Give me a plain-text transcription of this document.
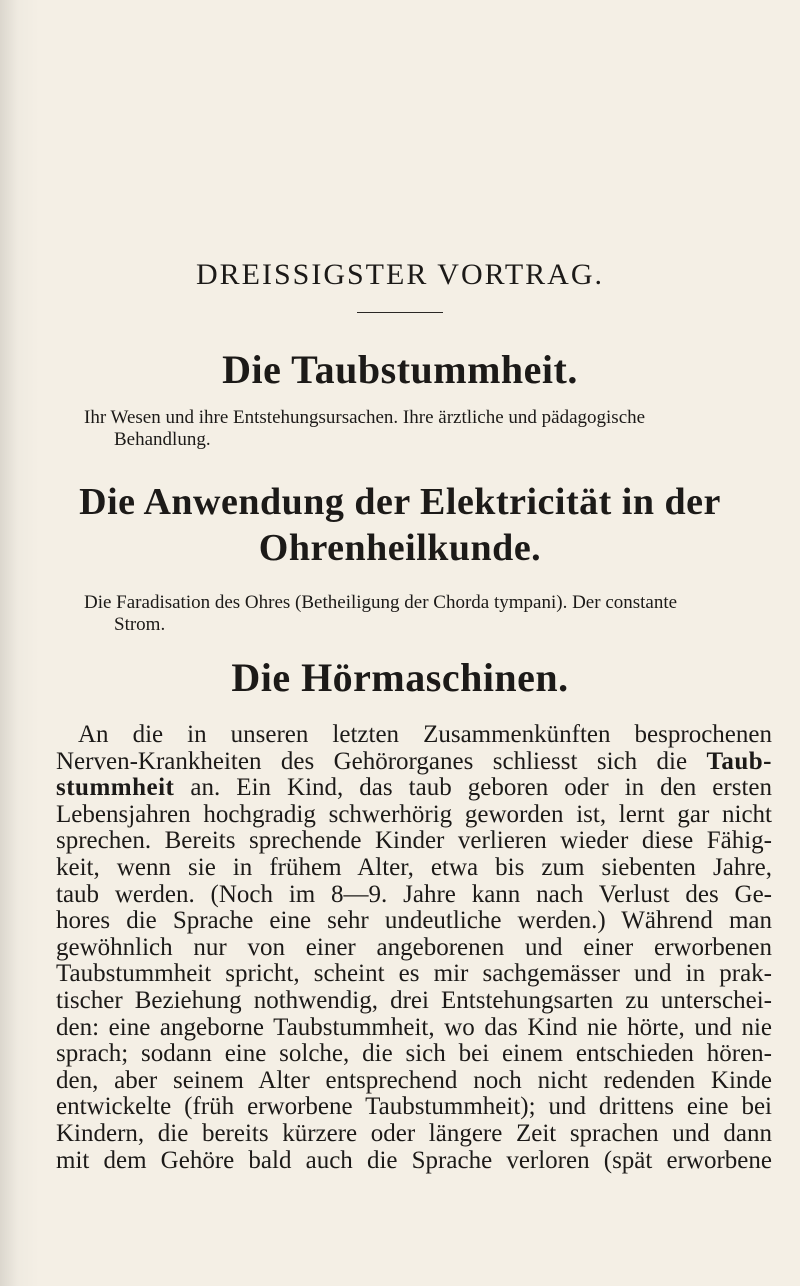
DREISSIGSTER VORTRAG.
Die Taubstummheit.

Ihr Wesen und ihre Entstehungsursachen. Ihre ärztliche und pädagogische
Behandlung.

Die Anwendung der Elektricität in der
Ohrenheilkunde.

Die Faradisation des Ohres (Betheiligung der Chorda tympani). Der constante
Strom.

Die Hörmaschinen.
An die in unseren letzten Zusammenkünften besprochenen
Nerven-Krankheiten des Gehörorganes schliesst sich die Taub-
stummheit an. Ein Kind, das taub geboren oder in den ersten
Lebensjahren hochgradig schwerhörig geworden ist, lernt gar nicht
sprechen. Bereits sprechende Kinder verlieren wieder diese Fähig-
keit, wenn sie in frühem Alter, etwa bis zum siebenten Jahre,
taub werden. (Noch im 8—9. Jahre kann nach Verlust des Ge-
hores die Sprache eine sehr undeutliche werden.) Während man
gewöhnlich nur von einer angeborenen und einer erworbenen
Taubstummheit spricht, scheint es mir sachgemässer und in prak-
tischer Beziehung nothwendig, drei Entstehungsarten zu unterschei-
den: eine angeborne Taubstummheit, wo das Kind nie hörte, und nie
sprach; sodann eine solche, die sich bei einem entschieden hören-
den, aber seinem Alter entsprechend noch nicht redenden Kinde
entwickelte (früh erworbene Taubstummheit); und drittens eine bei
Kindern, die bereits kürzere oder längere Zeit sprachen und dann
mit dem Gehöre bald auch die Sprache verloren (spät erworbene
